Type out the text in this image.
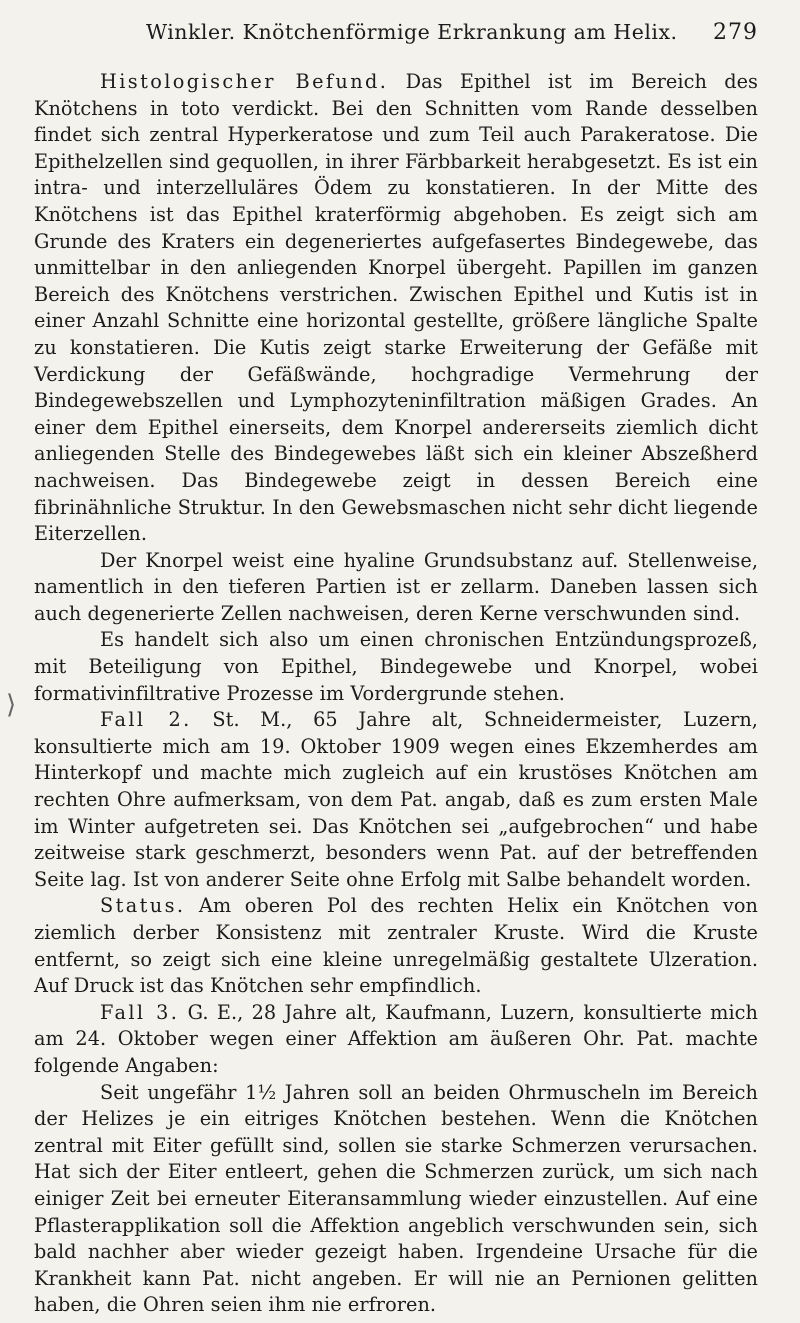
Winkler. Knötchenförmige Erkrankung am Helix. 279

Histologischer Befund. Das Epithel ist im Bereich des Knötchens in toto verdickt. Bei den Schnitten vom Rande desselben findet sich zentral Hyperkeratose und zum Teil auch Parakeratose. Die Epithelzellen sind gequollen, in ihrer Färbbarkeit herabgesetzt. Es ist ein intra- und interzelluläres Ödem zu konstatieren. In der Mitte des Knötchens ist das Epithel kraterförmig abgehoben. Es zeigt sich am Grunde des Kraters ein degeneriertes aufgefasertes Bindegewebe, das unmittelbar in den anliegenden Knorpel übergeht. Papillen im ganzen Bereich des Knötchens verstrichen. Zwischen Epithel und Kutis ist in einer Anzahl Schnitte eine horizontal gestellte, größere längliche Spalte zu konstatieren. Die Kutis zeigt starke Erweiterung der Gefäße mit Verdickung der Gefäßwände, hochgradige Vermehrung der Bindegewebszellen und Lymphozyteninfiltration mäßigen Grades. An einer dem Epithel einerseits, dem Knorpel andererseits ziemlich dicht anliegenden Stelle des Bindegewebes läßt sich ein kleiner Abszeßherd nachweisen. Das Bindegewebe zeigt in dessen Bereich eine fibrinähnliche Struktur. In den Gewebsmaschen nicht sehr dicht liegende Eiterzellen.

Der Knorpel weist eine hyaline Grundsubstanz auf. Stellenweise, namentlich in den tieferen Partien ist er zellarm. Daneben lassen sich auch degenerierte Zellen nachweisen, deren Kerne verschwunden sind.

Es handelt sich also um einen chronischen Entzündungsprozeß, mit Beteiligung von Epithel, Bindegewebe und Knorpel, wobei formativinfiltrative Prozesse im Vordergrunde stehen.

Fall 2. St. M., 65 Jahre alt, Schneidermeister, Luzern, konsultierte mich am 19. Oktober 1909 wegen eines Ekzemherdes am Hinterkopf und machte mich zugleich auf ein krustöses Knötchen am rechten Ohre aufmerksam, von dem Pat. angab, daß es zum ersten Male im Winter aufgetreten sei. Das Knötchen sei „aufgebrochen“ und habe zeitweise stark geschmerzt, besonders wenn Pat. auf der betreffenden Seite lag. Ist von anderer Seite ohne Erfolg mit Salbe behandelt worden.

Status. Am oberen Pol des rechten Helix ein Knötchen von ziemlich derber Konsistenz mit zentraler Kruste. Wird die Kruste entfernt, so zeigt sich eine kleine unregelmäßig gestaltete Ulzeration. Auf Druck ist das Knötchen sehr empfindlich.

Fall 3. G. E., 28 Jahre alt, Kaufmann, Luzern, konsultierte mich am 24. Oktober wegen einer Affektion am äußeren Ohr. Pat. machte folgende Angaben:

Seit ungefähr 1½ Jahren soll an beiden Ohrmuscheln im Bereich der Helizes je ein eitriges Knötchen bestehen. Wenn die Knötchen zentral mit Eiter gefüllt sind, sollen sie starke Schmerzen verursachen. Hat sich der Eiter entleert, gehen die Schmerzen zurück, um sich nach einiger Zeit bei erneuter Eiteransammlung wieder einzustellen. Auf eine Pflasterapplikation soll die Affektion angeblich verschwunden sein, sich bald nachher aber wieder gezeigt haben. Irgendeine Ursache für die Krankheit kann Pat. nicht angeben. Er will nie an Pernionen gelitten haben, die Ohren seien ihm nie erfroren.

⟩
